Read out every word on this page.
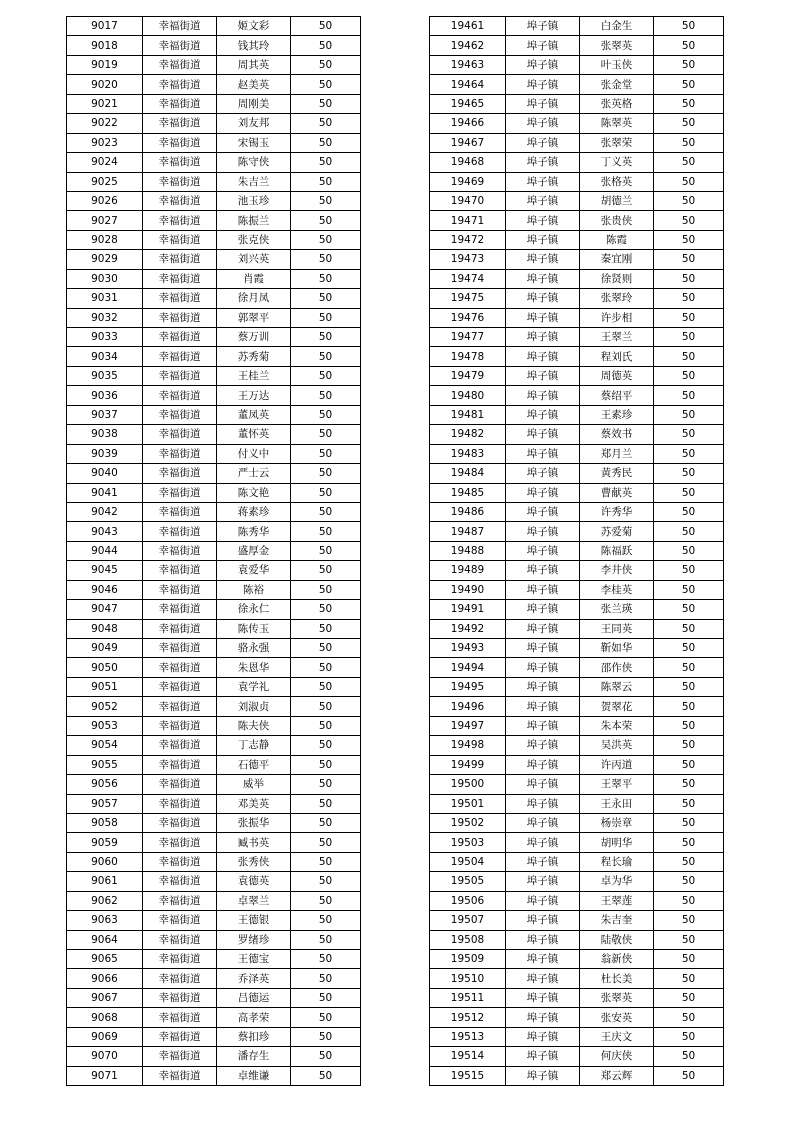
9017	幸福街道	姬文彩	50
9018	幸福街道	钱其玲	50
9019	幸福街道	周其英	50
9020	幸福街道	赵美英	50
9021	幸福街道	周刚美	50
9022	幸福街道	刘友邦	50
9023	幸福街道	宋锡玉	50
9024	幸福街道	陈守侠	50
9025	幸福街道	朱吉兰	50
9026	幸福街道	池玉珍	50
9027	幸福街道	陈振兰	50
9028	幸福街道	张克侠	50
9029	幸福街道	刘兴英	50
9030	幸福街道	肖霞	50
9031	幸福街道	徐月凤	50
9032	幸福街道	郭翠平	50
9033	幸福街道	蔡万训	50
9034	幸福街道	苏秀菊	50
9035	幸福街道	王桂兰	50
9036	幸福街道	王万达	50
9037	幸福街道	董凤英	50
9038	幸福街道	董怀英	50
9039	幸福街道	付义中	50
9040	幸福街道	严士云	50
9041	幸福街道	陈文艳	50
9042	幸福街道	蒋素珍	50
9043	幸福街道	陈秀华	50
9044	幸福街道	盛厚金	50
9045	幸福街道	袁爱华	50
9046	幸福街道	陈裕	50
9047	幸福街道	徐永仁	50
9048	幸福街道	陈传玉	50
9049	幸福街道	骆永强	50
9050	幸福街道	朱恩华	50
9051	幸福街道	袁学礼	50
9052	幸福街道	刘淑贞	50
9053	幸福街道	陈夫侠	50
9054	幸福街道	丁志静	50
9055	幸福街道	石德平	50
9056	幸福街道	威举	50
9057	幸福街道	邓美英	50
9058	幸福街道	张振华	50
9059	幸福街道	臧书英	50
9060	幸福街道	张秀侠	50
9061	幸福街道	袁德英	50
9062	幸福街道	卓翠兰	50
9063	幸福街道	王德银	50
9064	幸福街道	罗绪珍	50
9065	幸福街道	王德宝	50
9066	幸福街道	乔泽英	50
9067	幸福街道	吕德运	50
9068	幸福街道	高孝荣	50
9069	幸福街道	蔡扣珍	50
9070	幸福街道	潘存生	50
9071	幸福街道	卓维谦	50
19461	埠子镇	白金生	50
19462	埠子镇	张翠英	50
19463	埠子镇	叶玉侠	50
19464	埠子镇	张金堂	50
19465	埠子镇	张英格	50
19466	埠子镇	陈翠英	50
19467	埠子镇	张翠荣	50
19468	埠子镇	丁义英	50
19469	埠子镇	张格英	50
19470	埠子镇	胡德兰	50
19471	埠子镇	张贵侠	50
19472	埠子镇	陈霞	50
19473	埠子镇	秦宜刚	50
19474	埠子镇	徐贤则	50
19475	埠子镇	张翠玲	50
19476	埠子镇	许步相	50
19477	埠子镇	王翠兰	50
19478	埠子镇	程刘氏	50
19479	埠子镇	周德英	50
19480	埠子镇	蔡绍平	50
19481	埠子镇	王素珍	50
19482	埠子镇	蔡效书	50
19483	埠子镇	郑月兰	50
19484	埠子镇	黄秀民	50
19485	埠子镇	曹献英	50
19486	埠子镇	许秀华	50
19487	埠子镇	苏爱菊	50
19488	埠子镇	陈福跃	50
19489	埠子镇	李井侠	50
19490	埠子镇	李桂英	50
19491	埠子镇	张兰瑛	50
19492	埠子镇	王同英	50
19493	埠子镇	靳如华	50
19494	埠子镇	邵作侠	50
19495	埠子镇	陈翠云	50
19496	埠子镇	贺翠花	50
19497	埠子镇	朱本荣	50
19498	埠子镇	吴洪英	50
19499	埠子镇	许丙道	50
19500	埠子镇	王翠平	50
19501	埠子镇	王永田	50
19502	埠子镇	杨崇章	50
19503	埠子镇	胡明华	50
19504	埠子镇	程长瑜	50
19505	埠子镇	卓为华	50
19506	埠子镇	王翠莲	50
19507	埠子镇	朱吉奎	50
19508	埠子镇	陆敬侠	50
19509	埠子镇	翁新侠	50
19510	埠子镇	杜长美	50
19511	埠子镇	张翠英	50
19512	埠子镇	张安英	50
19513	埠子镇	王庆文	50
19514	埠子镇	何庆侠	50
19515	埠子镇	郑云辉	50
